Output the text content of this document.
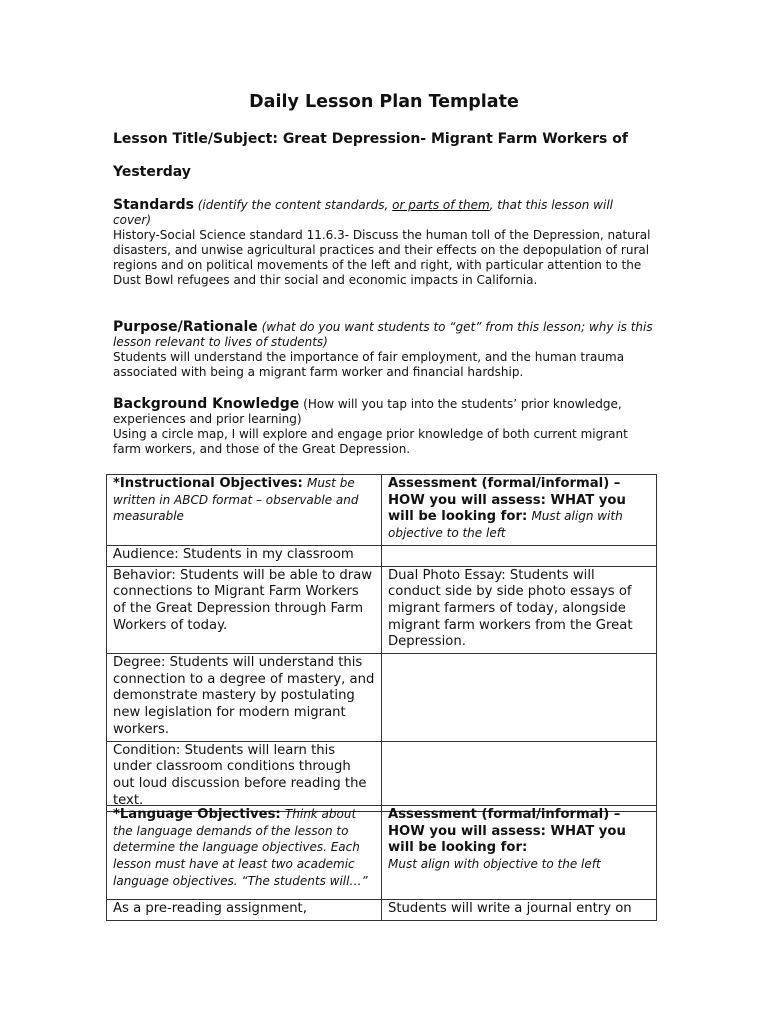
Daily Lesson Plan Template
Lesson Title/Subject: Great Depression- Migrant Farm Workers of
Yesterday
Standards (identify the content standards, or parts of them, that this lesson will cover)
History-Social Science standard 11.6.3- Discuss the human toll of the Depression, natural disasters, and unwise agricultural practices and their effects on the depopulation of rural regions and on political movements of the left and right, with particular attention to the Dust Bowl refugees and thir social and economic impacts in California.
Purpose/Rationale (what do you want students to “get” from this lesson; why is this lesson relevant to lives of students)
Students will understand the importance of fair employment, and the human trauma associated with being a migrant farm worker and financial hardship.
Background Knowledge (How will you tap into the students’ prior knowledge, experiences and prior learning)
Using a circle map, I will explore and engage prior knowledge of both current migrant farm workers, and those of the Great Depression.
*Instructional Objectives: Must be written in ABCD format – observable and measurable	Assessment (formal/informal) – HOW you will assess: WHAT you will be looking for: Must align with objective to the left
Audience: Students in my classroom	
Behavior: Students will be able to draw connections to Migrant Farm Workers of the Great Depression through Farm Workers of today.	Dual Photo Essay: Students will conduct side by side photo essays of migrant farmers of today, alongside migrant farm workers from the Great Depression.
Degree: Students will understand this connection to a degree of mastery, and demonstrate mastery by postulating new legislation for modern migrant workers.	
Condition: Students will learn this under classroom conditions through out loud discussion before reading the text.	
*Language Objectives: Think about the language demands of the lesson to determine the language objectives. Each lesson must have at least two academic language objectives. “The students will…”	Assessment (formal/informal) – HOW you will assess: WHAT you will be looking for:
Must align with objective to the left

As a pre-reading assignment,	Students will write a journal entry on
